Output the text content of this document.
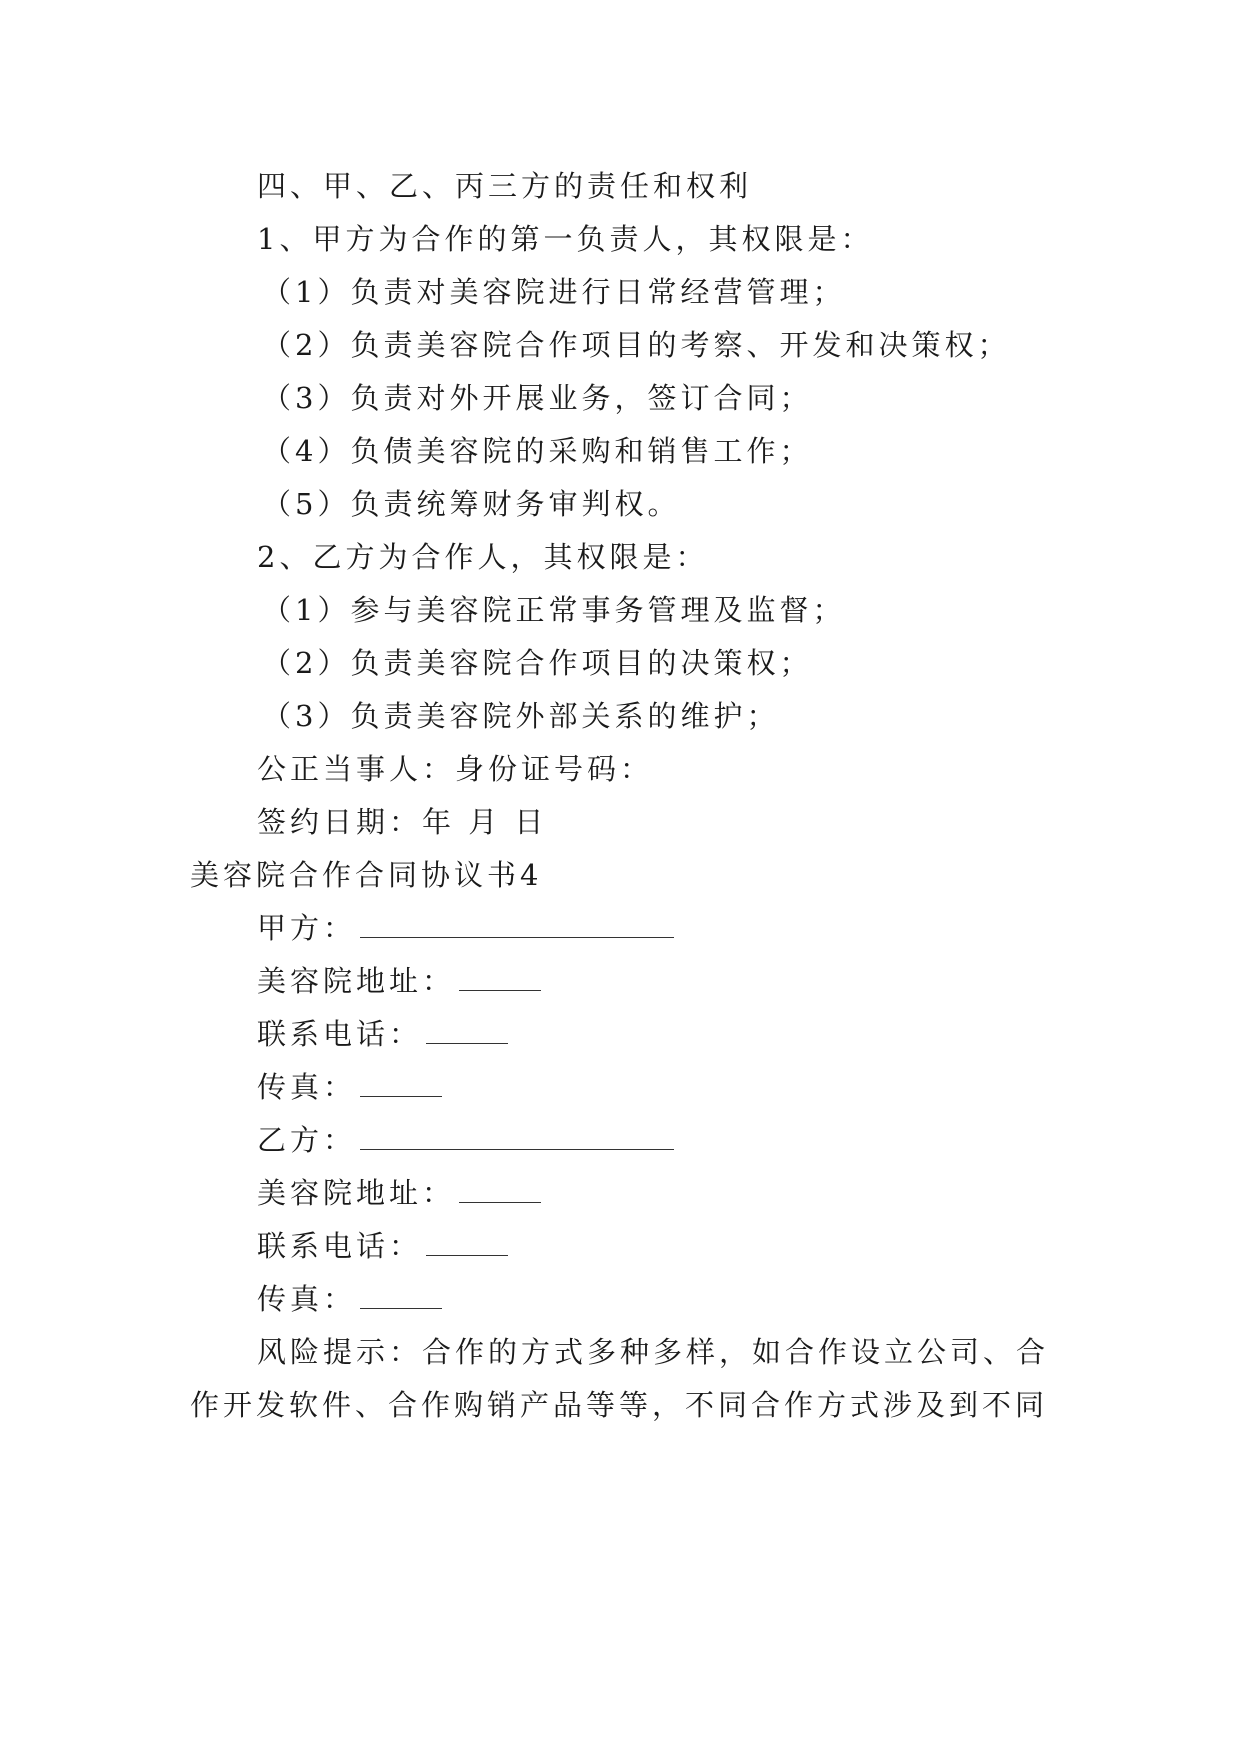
四、甲、乙、丙三方的责任和权利
1、甲方为合作的第一负责人，其权限是：
（1）负责对美容院进行日常经营管理；
（2）负责美容院合作项目的考察、开发和决策权；
（3）负责对外开展业务，签订合同；
（4）负债美容院的采购和销售工作；
（5）负责统筹财务审判权。
2、乙方为合作人，其权限是：
（1）参与美容院正常事务管理及监督；
（2）负责美容院合作项目的决策权；
（3）负责美容院外部关系的维护；
公正当事人：身份证号码：
签约日期：年 月 日
美容院合作合同协议书4
甲方：
美容院地址：
联系电话：
传真：
乙方：
美容院地址：
联系电话：
传真：
风险提示：合作的方式多种多样，如合作设立公司、合
作开发软件、合作购销产品等等，不同合作方式涉及到不同
